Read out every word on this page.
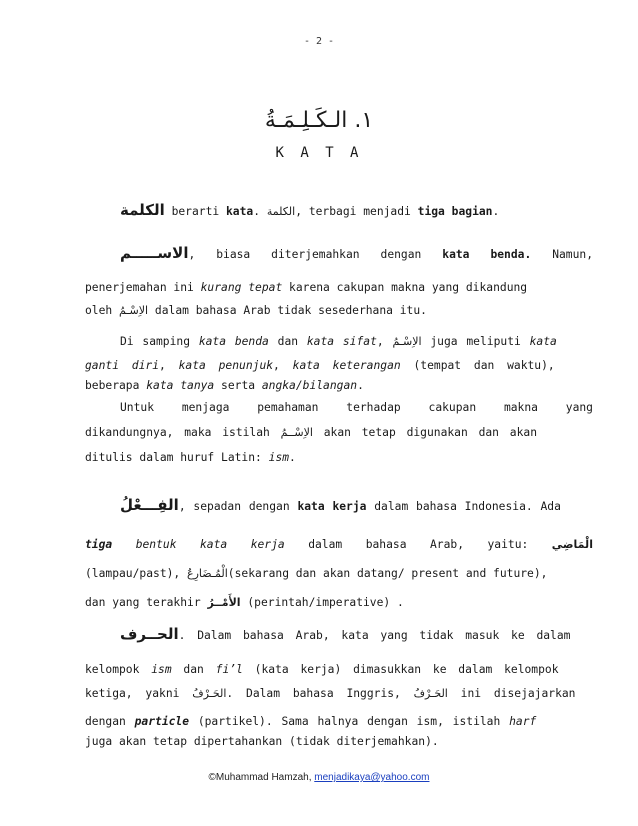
- 2 -
١. الـكَـلِـمَـةُ
K A T A
الكلمة berarti kata. الكلمة, terbagi menjadi tiga bagian.
الاســـــم, biasa diterjemahkan dengan kata benda. Namun,
penerjemahan ini kurang tepat karena cakupan makna yang dikandung
oleh الاِسْـمُ dalam bahasa Arab tidak sesederhana itu.
Di samping kata benda dan kata sifat, الاِسْـمُ juga meliputi kata
ganti diri, kata penunjuk, kata keterangan (tempat dan waktu),
beberapa kata tanya serta angka/bilangan.
Untuk menjaga pemahaman terhadap cakupan makna yang
dikandungnya, maka istilah الاِسْــمُ akan tetap digunakan dan akan
ditulis dalam huruf Latin: ism.
الفِـــعْلُ, sepadan dengan kata kerja dalam bahasa Indonesia. Ada
tiga bentuk kata kerja dalam bahasa Arab, yaitu: الْمَاضِي
(lampau/past), الْمُـضَارِعُ(sekarang dan akan datang/ present and future),
dan yang terakhir الأَمْــرُ (perintah/imperative) .
الحــرف. Dalam bahasa Arab, kata yang tidak masuk ke dalam
kelompok ism dan fi’l (kata kerja) dimasukkan ke dalam kelompok
ketiga, yakni الحَـرْفُ. Dalam bahasa Inggris, الحَـرْفُ ini disejajarkan
dengan particle (partikel). Sama halnya dengan ism, istilah harf
juga akan tetap dipertahankan (tidak diterjemahkan).
©Muhammad Hamzah, menjadikaya@yahoo.com
